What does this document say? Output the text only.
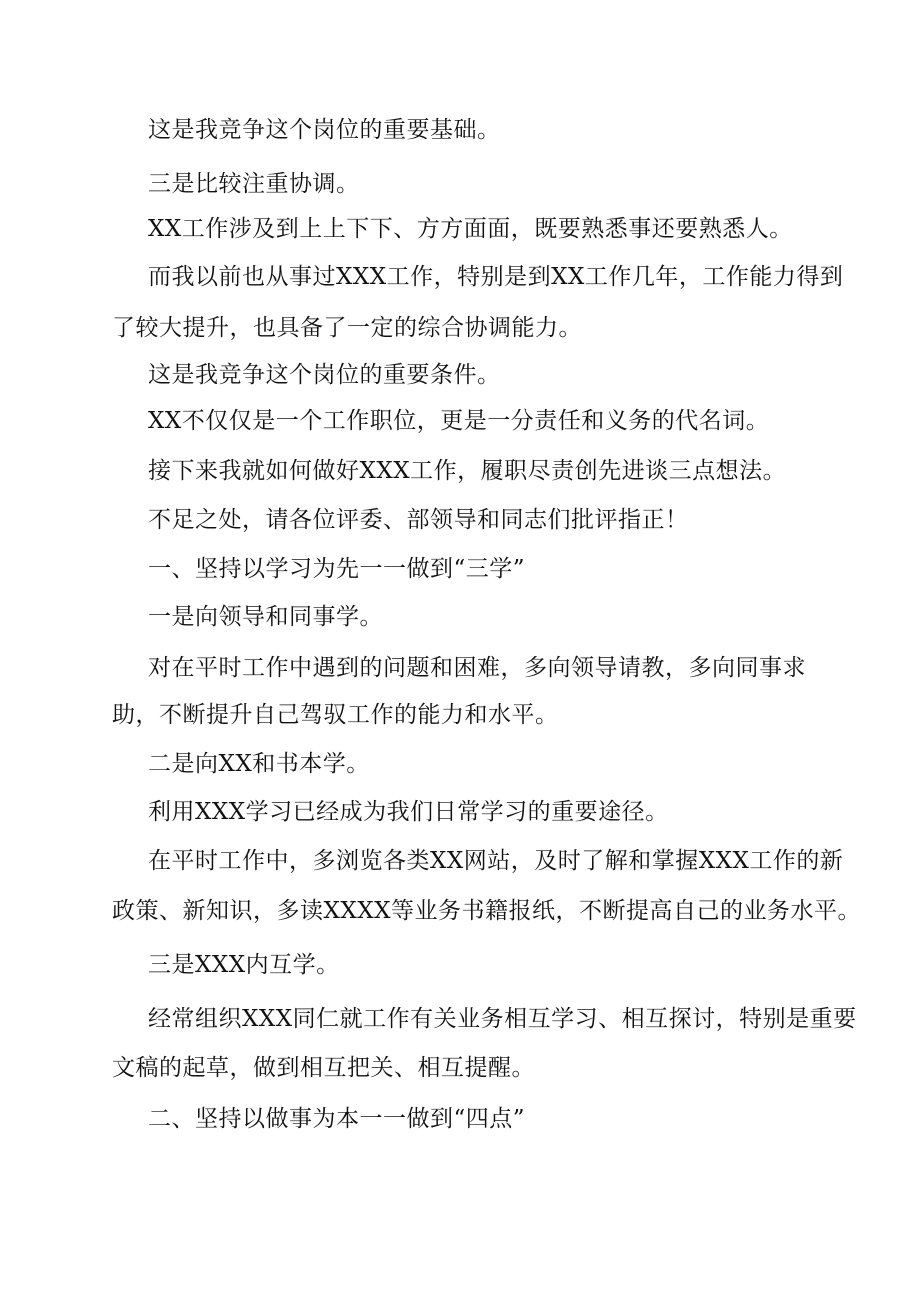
这是我竞争这个岗位的重要基础。
三是比较注重协调。
XX工作涉及到上上下下、方方面面，既要熟悉事还要熟悉人。
而我以前也从事过XXX工作，特别是到XX工作几年，工作能力得到
了较大提升，也具备了一定的综合协调能力。
这是我竞争这个岗位的重要条件。
XX不仅仅是一个工作职位，更是一分责任和义务的代名词。
接下来我就如何做好XXX工作，履职尽责创先进谈三点想法。
不足之处，请各位评委、部领导和同志们批评指正！
一、坚持以学习为先一一做到“三学”
一是向领导和同事学。
对在平时工作中遇到的问题和困难，多向领导请教，多向同事求
助，不断提升自己驾驭工作的能力和水平。
二是向XX和书本学。
利用XXX学习已经成为我们日常学习的重要途径。
在平时工作中，多浏览各类XX网站，及时了解和掌握XXX工作的新
政策、新知识，多读XXXX等业务书籍报纸，不断提高自己的业务水平。
三是XXX内互学。
经常组织XXX同仁就工作有关业务相互学习、相互探讨，特别是重要
文稿的起草，做到相互把关、相互提醒。
二、坚持以做事为本一一做到“四点”
